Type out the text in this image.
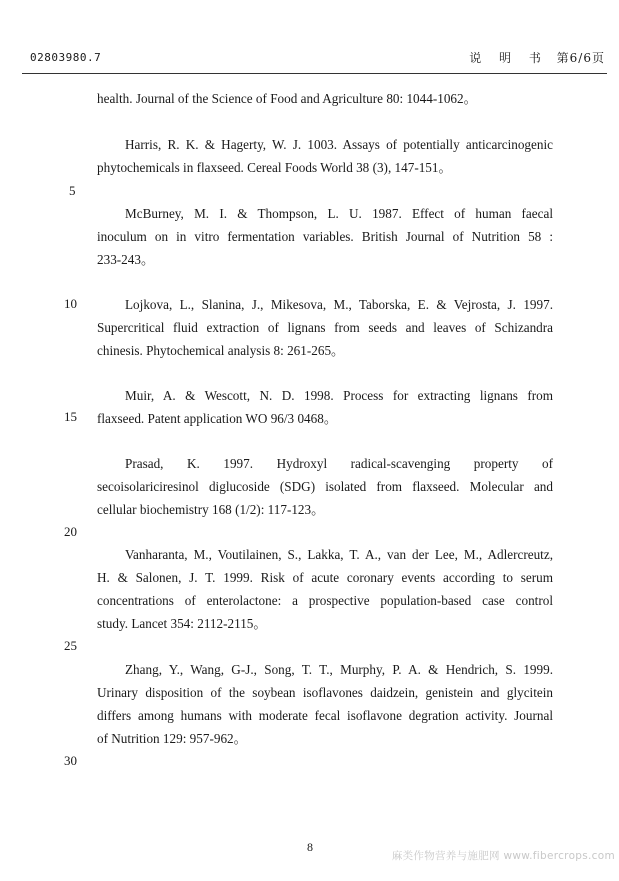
02803980.7	说 明 书 第6/6页
health. Journal of the Science of Food and Agriculture 80: 1044-1062。
Harris, R. K. & Hagerty, W. J. 1003. Assays of potentially anticarcinogenic
phytochemicals in flaxseed. Cereal Foods World 38 (3), 147-151。
McBurney, M. I. & Thompson, L. U. 1987. Effect of human faecal
inoculum on in vitro fermentation variables. British Journal of Nutrition 58 :
233-243。
Lojkova, L., Slanina, J., Mikesova, M., Taborska, E. & Vejrosta, J. 1997.
Supercritical fluid extraction of lignans from seeds and leaves of Schizandra
chinesis. Phytochemical analysis 8: 261-265。
Muir, A. & Wescott, N. D. 1998. Process for extracting lignans from
flaxseed. Patent application WO 96/3 0468。
Prasad, K. 1997. Hydroxyl radical-scavenging property of
secoisolariciresinol diglucoside (SDG) isolated from flaxseed. Molecular and
cellular biochemistry 168 (1/2): 117-123。
Vanharanta, M., Voutilainen, S., Lakka, T. A., van der Lee, M., Adlercreutz,
H. & Salonen, J. T. 1999. Risk of acute coronary events according to serum
concentrations of enterolactone: a prospective population-based case control
study. Lancet 354: 2112-2115。
Zhang, Y., Wang, G-J., Song, T. T., Murphy, P. A. & Hendrich, S. 1999.
Urinary disposition of the soybean isoflavones daidzein, genistein and glycitein
differs among humans with moderate fecal isoflavone degration activity. Journal
of Nutrition 129: 957-962。
5
10
15
20
25
30
8
麻类作物营养与施肥网 www.fibercrops.com
